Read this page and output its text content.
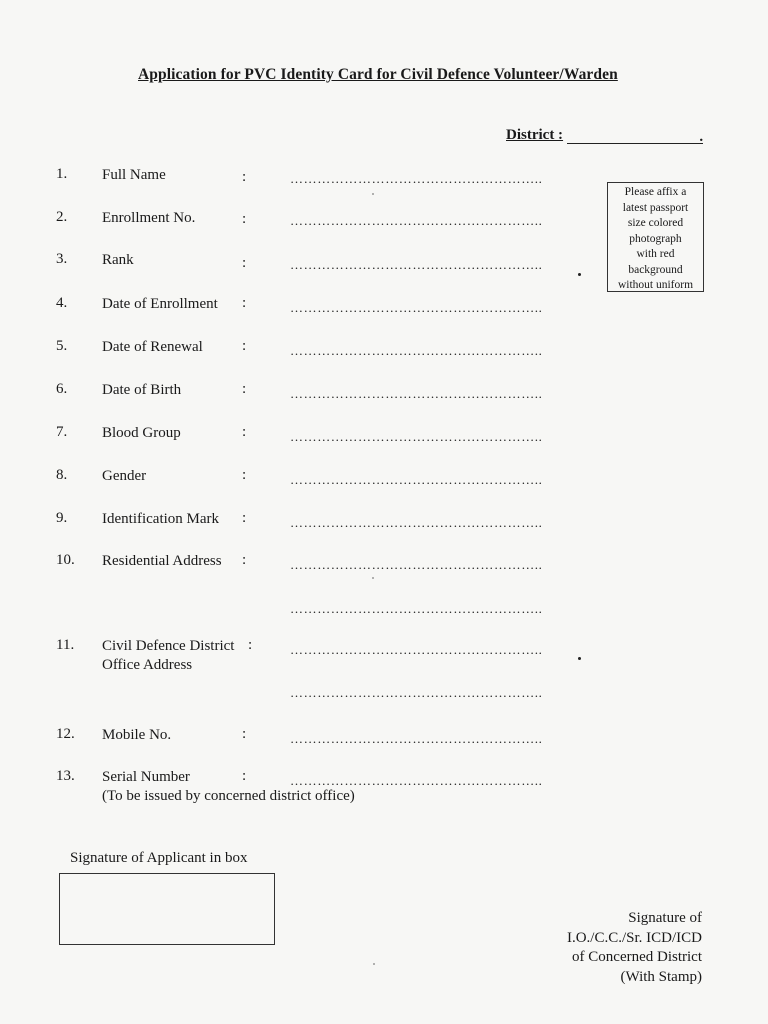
Application for PVC Identity Card for Civil Defence Volunteer/Warden
District :	.
1. Full Name	:	………………………………………………..
2. Enrollment No.	:	………………………………………………..
3. Rank	:	………………………………………………..
4. Date of Enrollment :	………………………………………………..
5. Date of Renewal	:	………………………………………………..
6. Date of Birth	:	………………………………………………..
7. Blood Group	:	………………………………………………..
8. Gender	:	………………………………………………..
9. Identification Mark :	………………………………………………..
10. Residential Address :	………………………………………………..
………………………………………………..
11. Civil Defence District :	………………………………………………..
Office Address
………………………………………………..
12. Mobile No.	:	………………………………………………..
13. Serial Number	:	………………………………………………..
(To be issued by concerned district office)
Please affix a
latest passport
size colored
photograph
with red
background
without uniform
Signature of Applicant in box
Signature of
I.O./C.C./Sr. ICD/ICD
of Concerned District
(With Stamp)
